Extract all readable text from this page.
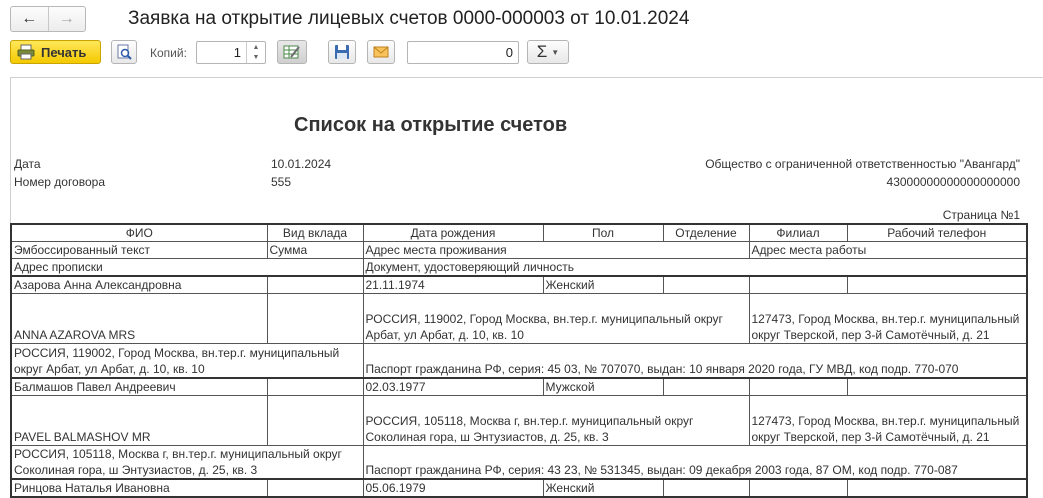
← →	Заявка на открытие лицевых счетов 0000-000003 от 10.01.2024
Печать	Копий:	1 ▲
▼	0 Σ ▼
Список на открытие счетов
Дата	10.01.2024
Номер договора	555
Общество с ограниченной ответственностью "Авангард"
43000000000000000000
Страница №1
ФИО	Вид вклада	Дата рождения	Пол	Отделение	Филиал	Рабочий телефон
Эмбоссированный текст	Сумма	Адрес места проживания			Адрес места работы	
Адрес прописки		Документ, удостоверяющий личность				
Азарова Анна Александровна		21.11.1974	Женский			
ANNA AZAROVA MRS		РОССИЯ, 119002, Город Москва, вн.тер.г. муниципальный округ Арбат, ул Арбат, д. 10, кв. 10			127473, Город Москва, вн.тер.г. муниципальный округ Тверской, пер 3-й Самотёчный, д. 21	
РОССИЯ, 119002, Город Москва, вн.тер.г. муниципальный округ Арбат, ул Арбат, д. 10, кв. 10		Паспорт гражданина РФ, серия: 45 03, № 707070, выдан: 10 января 2020 года, ГУ МВД, код подр. 770-070				
Балмашов Павел Андреевич		02.03.1977	Мужской			
PAVEL BALMASHOV MR		РОССИЯ, 105118, Москва г, вн.тер.г. муниципальный округ Соколиная гора, ш Энтузиастов, д. 25, кв. 3			127473, Город Москва, вн.тер.г. муниципальный округ Тверской, пер 3-й Самотёчный, д. 21	
РОССИЯ, 105118, Москва г, вн.тер.г. муниципальный округ Соколиная гора, ш Энтузиастов, д. 25, кв. 3		Паспорт гражданина РФ, серия: 43 23, № 531345, выдан: 09 декабря 2003 года, 87 ОМ, код подр. 770-087				
Ринцова Наталья Ивановна		05.06.1979	Женский			
